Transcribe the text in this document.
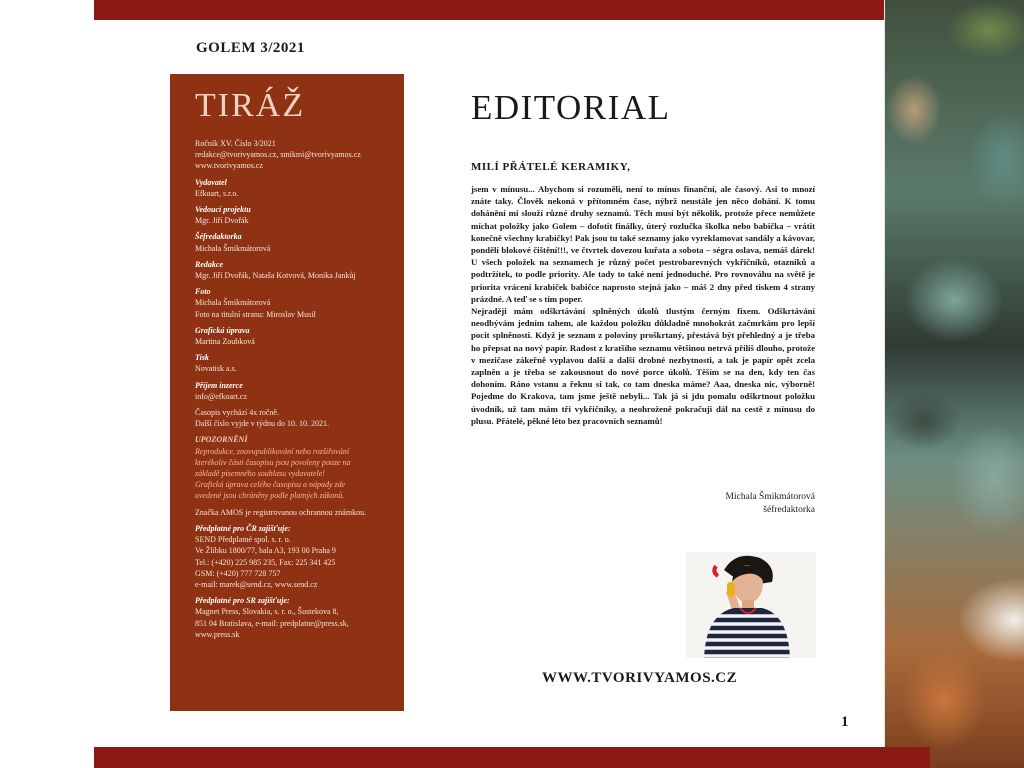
GOLEM 3/2021
TIRÁŽ

Ročník XV. Číslo 3/2021

redakce@tvorivyamos.cz, smikmi@tvorivyamos.cz

www.tvorivyamos.cz

Vydavatel

Efkoart, s.r.o.

Vedoucí projektu

Mgr. Jiří Dvořák

Šéfredaktorka

Michala Šmikmátorová

Redakce

Mgr. Jiří Dvořák, Nataša Kotvová, Monika Jankůj

Foto

Michala Šmikmátorová

Foto na titulní stranu: Miroslav Musil

Grafická úprava

Martina Zoubková

Tisk

Novatisk a.s.

Příjem inzerce

info@efkoart.cz

Časopis vychází 4x ročně.

Další číslo vyjde v týdnu do 10. 10. 2021.

UPOZORNĚNÍ

Reprodukce, znovupublikování nebo rozšiřování

kterékoliv části časopisu jsou povoleny pouze na

základě písemného souhlasu vydavatele!

Grafická úprava celého časopisu a nápady zde

uvedené jsou chráněny podle platných zákonů.

Značka AMOS je registrovanou ochrannou známkou.

Předplatné pro ČR zajišťuje:

SEND Předplatné spol. s. r. o.

Ve Žlíbku 1800/77, hala A3, 193 00 Praha 9

Tel.: (+420) 225 985 235, Fax: 225 341 425

GSM: (+420) 777 728 757

e-mail: marek@send.cz, www.send.cz

Předplatné pro SR zajišťuje:

Magnet Press, Slovakia, s. r. o., Šustekova 8,

851 04 Bratislava, e-mail: predplatne@press.sk,

www.press.sk

EDITORIAL
MILÍ PŘÁTELÉ KERAMIKY,

jsem v mínusu... Abychom si rozuměli, není to mínus finanční, ale časový. Asi to mnozí znáte taky. Člověk nekoná v přítomném čase, nýbrž neustále jen něco dohání. K tomu dohánění mi slouží různé druhy seznamů. Těch musí být několik, protože přece nemůžete míchat položky jako Golem – dofotit finálky, úterý rozlučka školka nebo babička – vrátit konečně všechny krabičky! Pak jsou tu také seznamy jako vyreklamovat sandály a kávovar, pondělí blokové čištění!!!, ve čtvrtek dovezou kuřata a sobota – ségra oslava, nemáš dárek! U všech položek na seznamech je různý počet pestrobarevných vykřičníků, otazníků a podtržítek, to podle priority. Ale tady to také není jednoduché. Pro rovnováhu na světě je priorita vrácení krabiček babičce naprosto stejná jako – máš 2 dny před tiskem 4 strany prázdné. A teď se s tím poper.

Nejraději mám odškrtávání splněných úkolů tlustým černým fixem. Odškrtávání neodbývám jedním tahem, ale každou položku důkladně mnohokrát začmrkám pro lepší pocit splněnosti. Když je seznam z poloviny proškrtaný, přestává být přehledný a je třeba ho přepsat na nový papír. Radost z kratšího seznamu většinou netrvá příliš dlouho, protože v mezičase zákeřně vyplavou další a další drobné nezbytnosti, a tak je papír opět zcela zaplněn a je třeba se zakousnout do nové porce úkolů. Těším se na den, kdy ten čas dohoním. Ráno vstanu a řeknu si tak, co tam dneska máme? Aaa, dneska nic, výborně! Pojedme do Krakova, tam jsme ještě nebyli... Tak já si jdu pomalu odškrtnout položku úvodník, už tam mám tři vykřičníky, a neohroženě pokračuji dál na cestě z mínusu do plusu. Přátelé, pěkné léto bez pracovních seznamů!

Michala Šmikmátorová
šéfredaktorka
WWW.TVORIVYAMOS.CZ
1
